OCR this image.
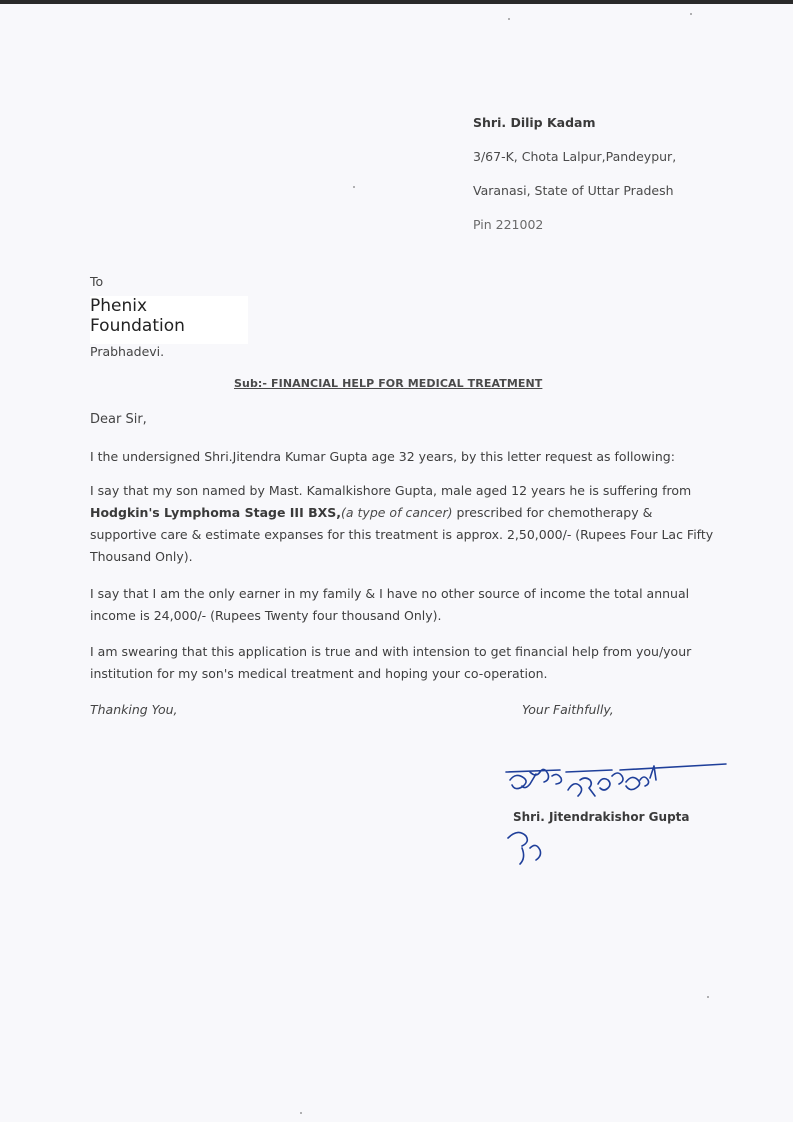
Shri. Dilip Kadam
3/67-K, Chota Lalpur,Pandeypur,
Varanasi, State of Uttar Pradesh
Pin 221002
To
Phenix Foundation
Prabhadevi.
Sub:- FINANCIAL HELP FOR MEDICAL TREATMENT
Dear Sir,
I the undersigned Shri.Jitendra Kumar Gupta age 32 years, by this letter request as following:
I say that my son named by Mast. Kamalkishore Gupta, male aged 12 years he is suffering from Hodgkin's Lymphoma Stage III BXS,(a type of cancer) prescribed for chemotherapy & supportive care & estimate expanses for this treatment is approx. 2,50,000/- (Rupees Four Lac Fifty Thousand Only).
I say that I am the only earner in my family & I have no other source of income the total annual income is 24,000/- (Rupees Twenty four thousand Only).
I am swearing that this application is true and with intension to get financial help from you/your institution for my son's medical treatment and hoping your co-operation.
Thanking You,	Your Faithfully,
Shri. Jitendrakishor Gupta
